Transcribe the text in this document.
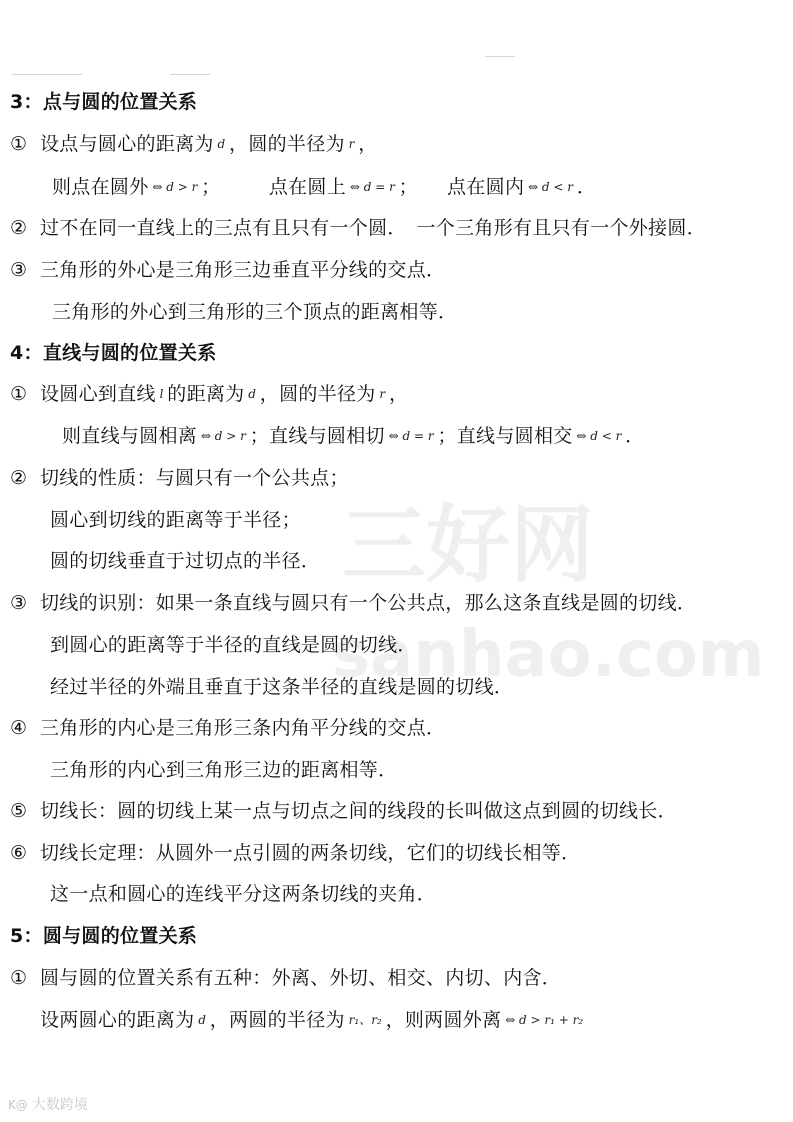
三好网
sanhao.com
3：点与圆的位置关系
① 设点与圆心的距离为 d ，圆的半径为 r ，
则点在圆外 ⇔ d > r ；　　　点在圆上 ⇔ d = r ；　　点在圆内 ⇔ d < r ．
② 过不在同一直线上的三点有且只有一个圆．　一个三角形有且只有一个外接圆．
③ 三角形的外心是三角形三边垂直平分线的交点．
三角形的外心到三角形的三个顶点的距离相等．
4：直线与圆的位置关系
① 设圆心到直线 l 的距离为 d ，圆的半径为 r ，
则直线与圆相离 ⇔ d > r ；直线与圆相切 ⇔ d = r ；直线与圆相交 ⇔ d < r ．
② 切线的性质：与圆只有一个公共点；
圆心到切线的距离等于半径；
圆的切线垂直于过切点的半径．
③ 切线的识别：如果一条直线与圆只有一个公共点，那么这条直线是圆的切线．
到圆心的距离等于半径的直线是圆的切线．
经过半径的外端且垂直于这条半径的直线是圆的切线．
④ 三角形的内心是三角形三条内角平分线的交点．
三角形的内心到三角形三边的距离相等．
⑤ 切线长：圆的切线上某一点与切点之间的线段的长叫做这点到圆的切线长．
⑥ 切线长定理：从圆外一点引圆的两条切线，它们的切线长相等．
这一点和圆心的连线平分这两条切线的夹角．
5：圆与圆的位置关系
① 圆与圆的位置关系有五种：外离、外切、相交、内切、内含．
设两圆心的距离为 d ，两圆的半径为 r₁、r₂ ，则两圆外离 ⇔ d > r₁ + r₂
K@ 大数跨境
